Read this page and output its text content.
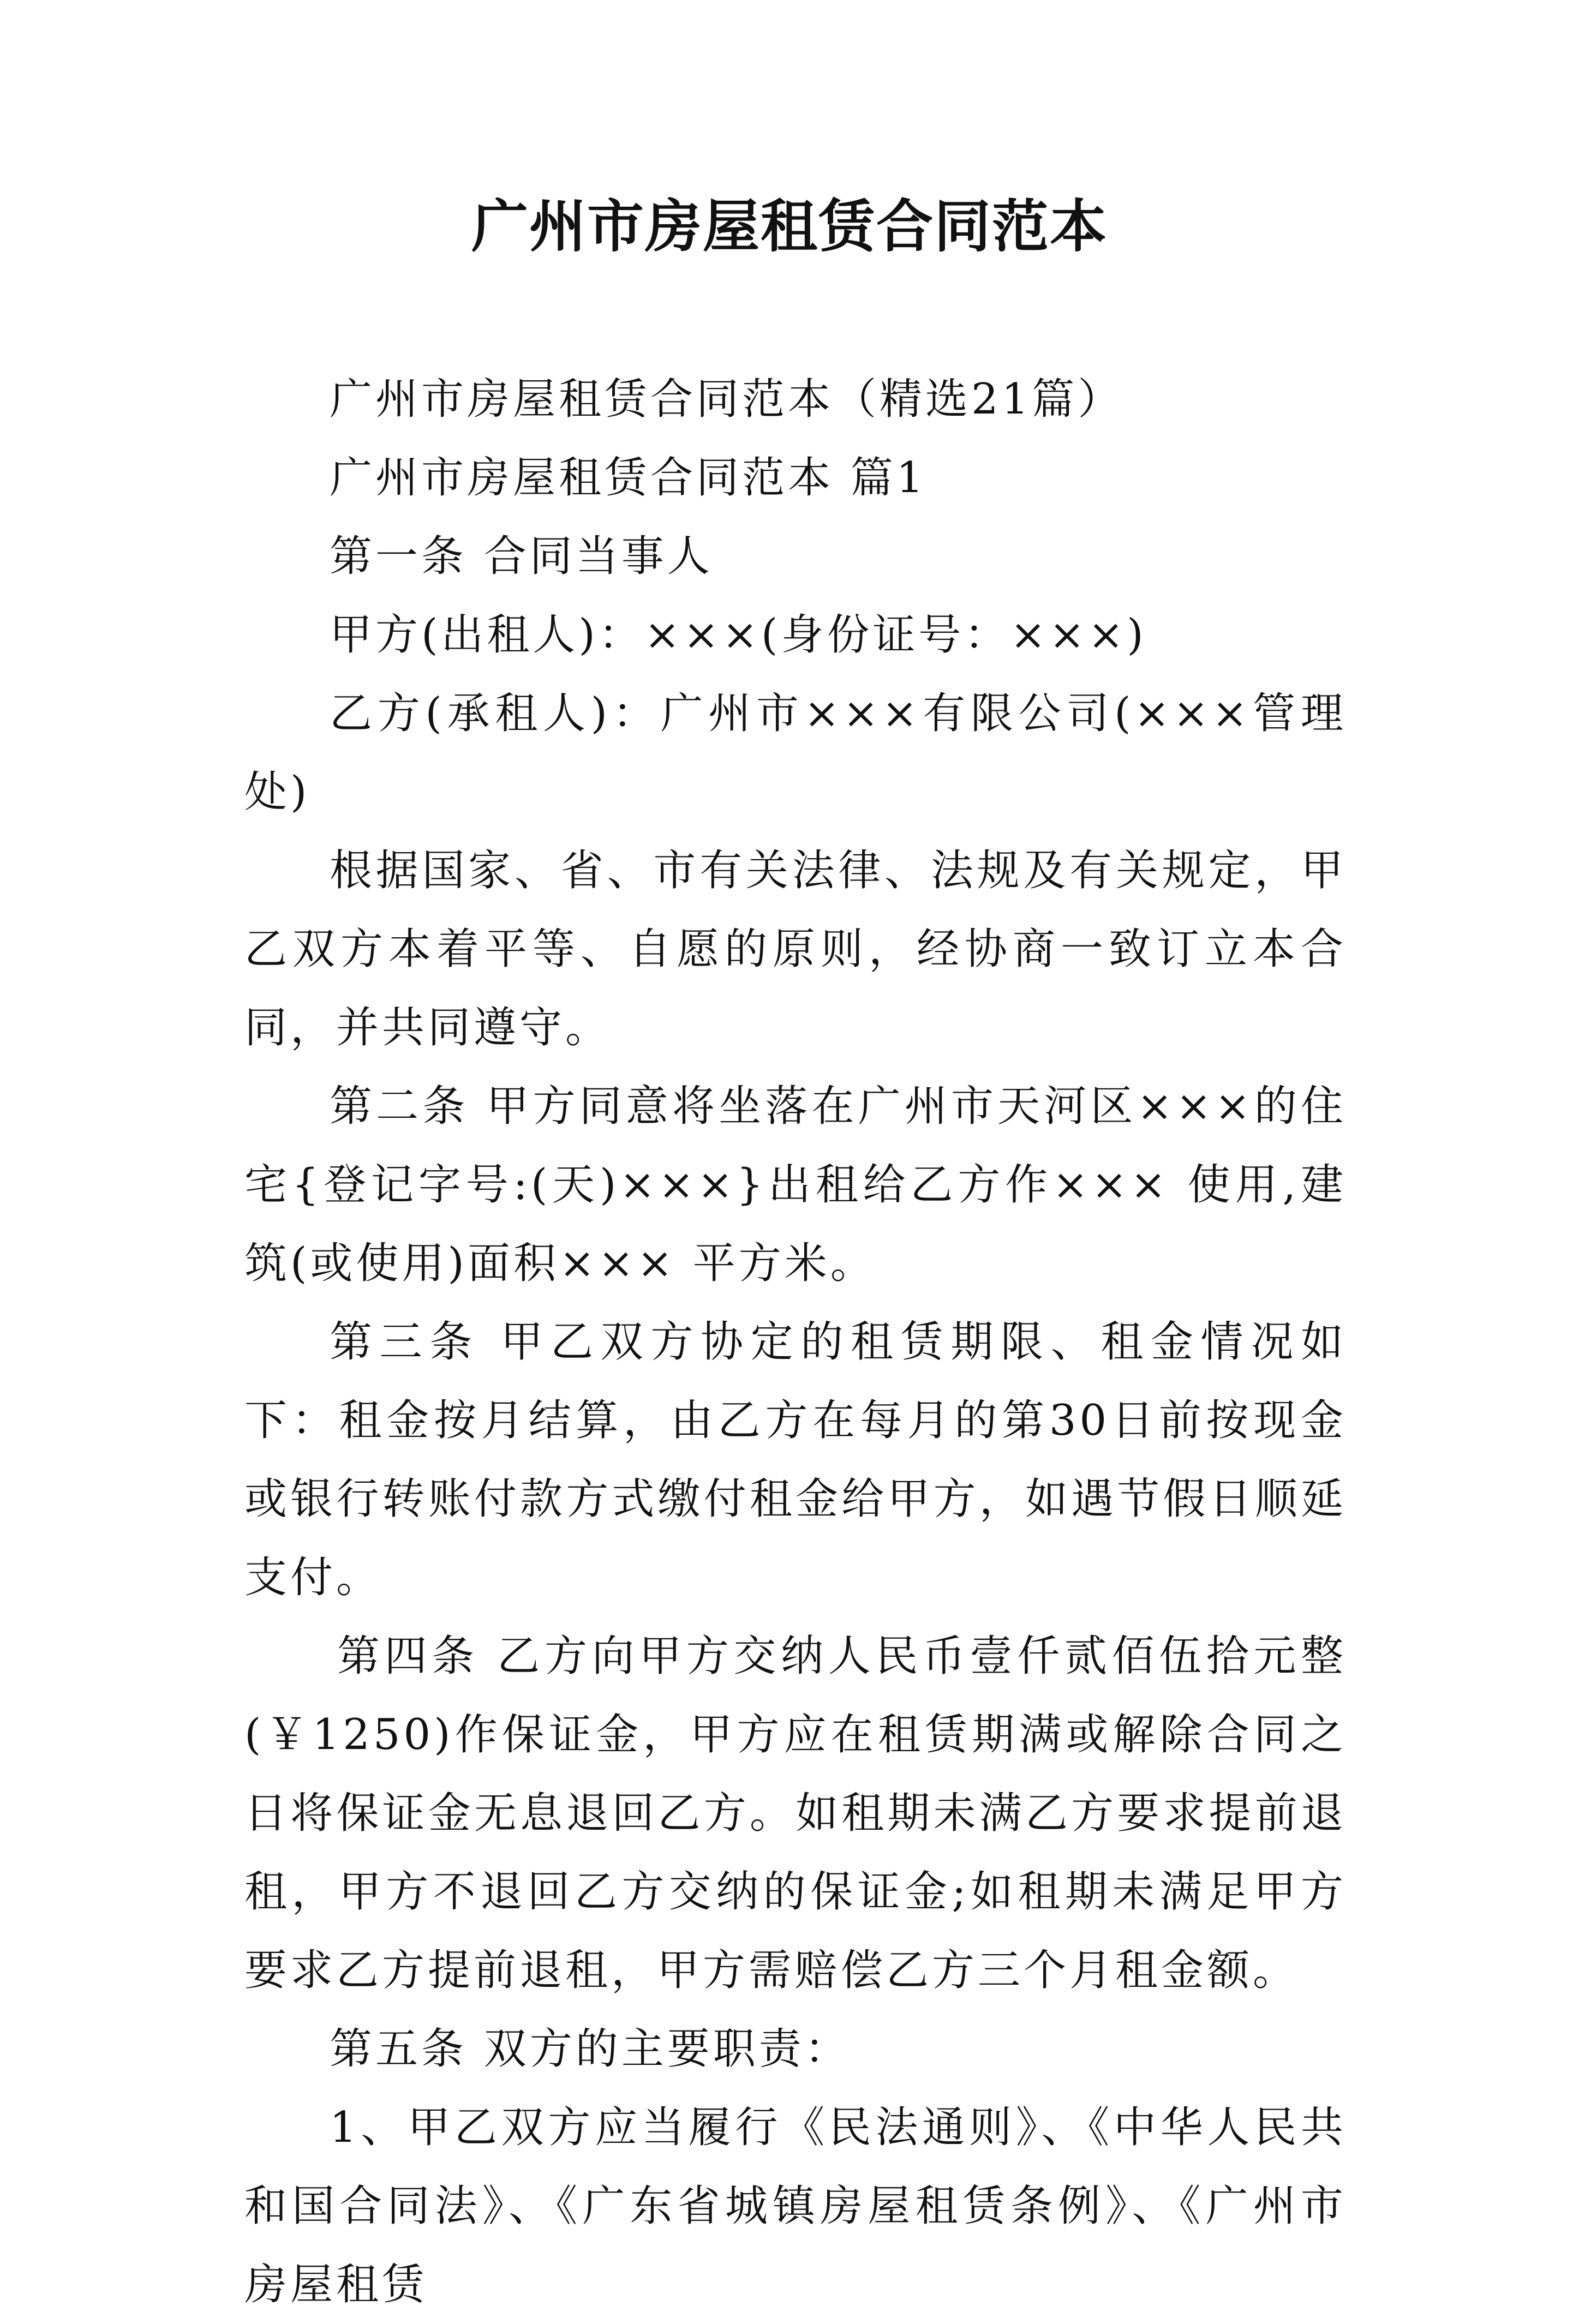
广州市房屋租赁合同范本

广州市房屋租赁合同范本（精选21篇）

广州市房屋租赁合同范本 篇1

第一条 合同当事人

甲方(出租人)：×××(身份证号：×××)

乙方(承租人)：广州市×××有限公司(×××管理处)

根据国家、省、市有关法律、法规及有关规定，甲乙双方本着平等、自愿的原则，经协商一致订立本合同，并共同遵守。

第二条 甲方同意将坐落在广州市天河区×××的住宅{登记字号:(天)×××}出租给乙方作××× 使用,建筑(或使用)面积××× 平方米。

第三条 甲乙双方协定的租赁期限、租金情况如下：租金按月结算，由乙方在每月的第30日前按现金或银行转账付款方式缴付租金给甲方，如遇节假日顺延支付。

第四条 乙方向甲方交纳人民币壹仟贰佰伍拾元整(￥1250)作保证金，甲方应在租赁期满或解除合同之日将保证金无息退回乙方。如租期未满乙方要求提前退租，甲方不退回乙方交纳的保证金;如租期未满足甲方要求乙方提前退租，甲方需赔偿乙方三个月租金额。

第五条 双方的主要职责：

1、甲乙双方应当履行《民法通则》、《中华人民共和国合同法》、《广东省城镇房屋租赁条例》、《广州市房屋租赁
